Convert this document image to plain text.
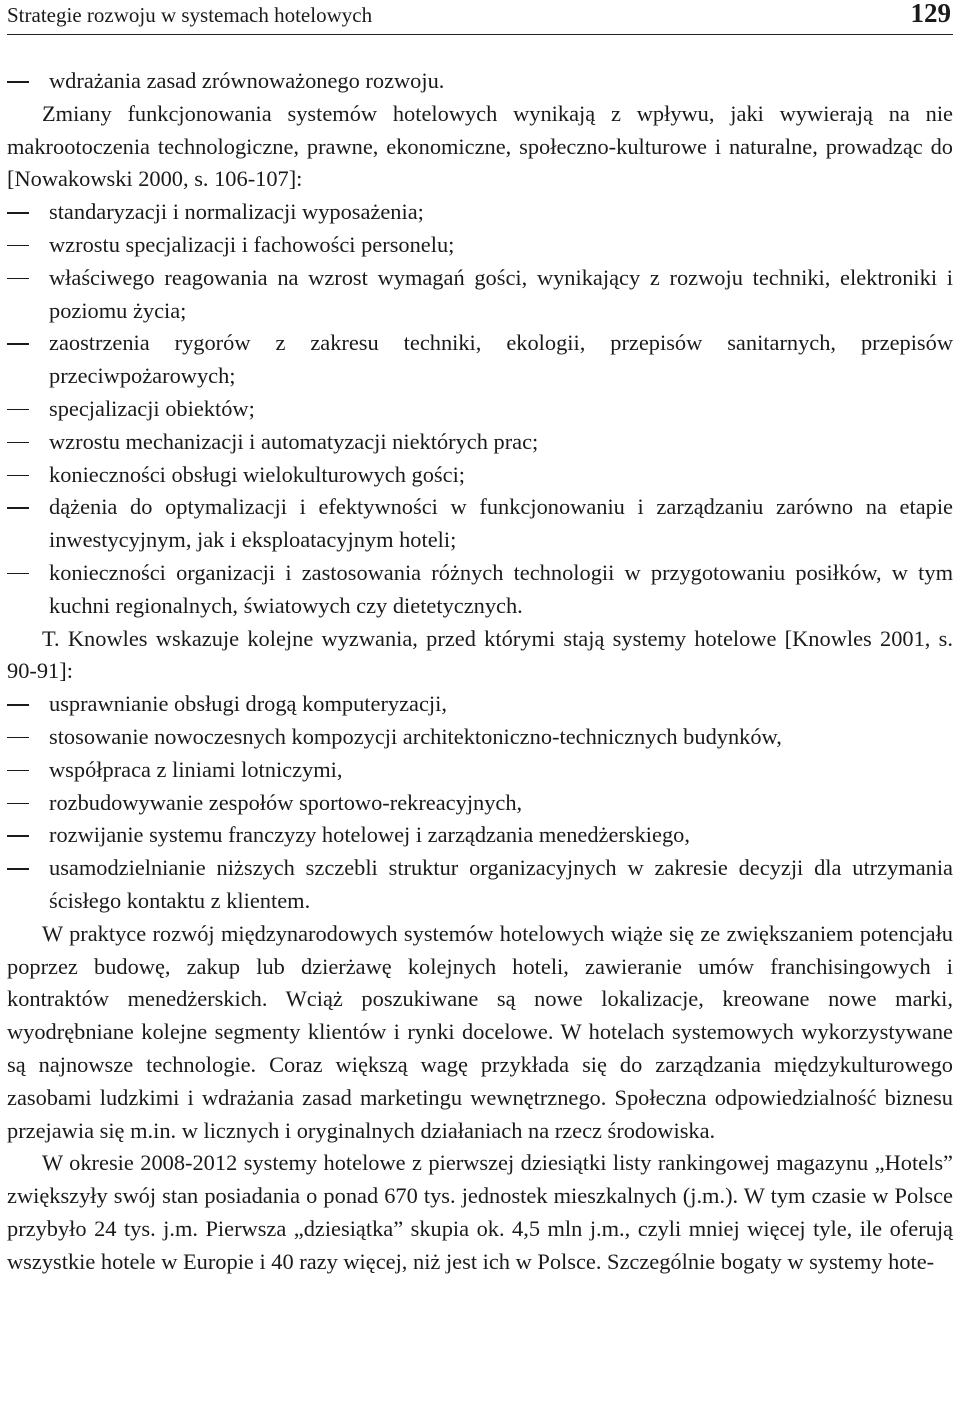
Strategie rozwoju w systemach hotelowych	129

wdrażania zasad zrównoważonego rozwoju.

Zmiany funkcjonowania systemów hotelowych wynikają z wpływu, jaki wywierają na nie makrootoczenia technologiczne, prawne, ekonomiczne, społeczno-kulturowe i naturalne, prowadząc do [Nowakowski 2000, s. 106-107]:

standaryzacji i normalizacji wyposażenia;

wzrostu specjalizacji i fachowości personelu;

właściwego reagowania na wzrost wymagań gości, wynikający z rozwoju techniki, elektroniki i poziomu życia;

zaostrzenia rygorów z zakresu techniki, ekologii, przepisów sanitarnych, przepisów przeciwpożarowych;

specjalizacji obiektów;

wzrostu mechanizacji i automatyzacji niektórych prac;

konieczności obsługi wielokulturowych gości;

dążenia do optymalizacji i efektywności w funkcjonowaniu i zarządzaniu zarówno na etapie inwestycyjnym, jak i eksploatacyjnym hoteli;

konieczności organizacji i zastosowania różnych technologii w przygotowaniu posiłków, w tym kuchni regionalnych, światowych czy dietetycznych.

T. Knowles wskazuje kolejne wyzwania, przed którymi stają systemy hotelowe [Knowles 2001, s. 90-91]:

usprawnianie obsługi drogą komputeryzacji,

stosowanie nowoczesnych kompozycji architektoniczno-technicznych budynków,

współpraca z liniami lotniczymi,

rozbudowywanie zespołów sportowo-rekreacyjnych,

rozwijanie systemu franczyzy hotelowej i zarządzania menedżerskiego,

usamodzielnianie niższych szczebli struktur organizacyjnych w zakresie decyzji dla utrzymania ścisłego kontaktu z klientem.

W praktyce rozwój międzynarodowych systemów hotelowych wiąże się ze zwiększaniem potencjału poprzez budowę, zakup lub dzierżawę kolejnych hoteli, zawieranie umów franchisingowych i kontraktów menedżerskich. Wciąż poszukiwane są nowe lokalizacje, kreowane nowe marki, wyodrębniane kolejne segmenty klientów i rynki docelowe. W hotelach systemowych wykorzystywane są najnowsze technologie. Coraz większą wagę przykłada się do zarządzania międzykulturowego zasobami ludzkimi i wdrażania zasad marketingu wewnętrznego. Społeczna odpowiedzialność biznesu przejawia się m.in. w licznych i oryginalnych działaniach na rzecz środowiska.

W okresie 2008-2012 systemy hotelowe z pierwszej dziesiątki listy rankingowej magazynu „Hotels” zwiększyły swój stan posiadania o ponad 670 tys. jednostek mieszkalnych (j.m.). W tym czasie w Polsce przybyło 24 tys. j.m. Pierwsza „dziesiątka” skupia ok. 4,5 mln j.m., czyli mniej więcej tyle, ile oferują wszystkie hotele w Europie i 40 razy więcej, niż jest ich w Polsce. Szczególnie bogaty w systemy hote-
